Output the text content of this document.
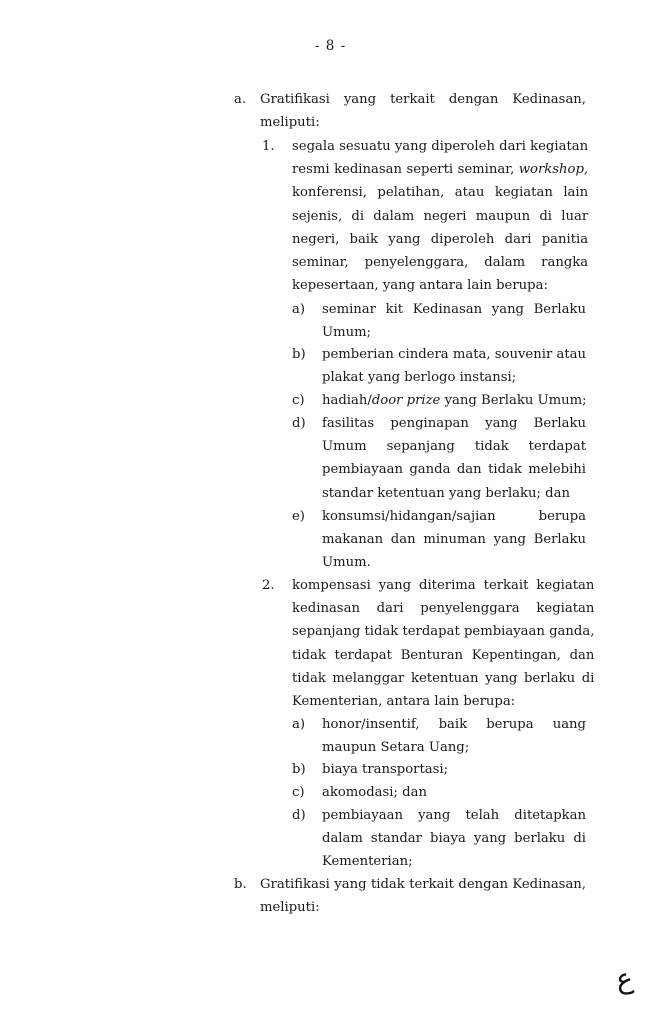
- 8 -
a.	Gratifikasi yang terkait dengan Kedinasan,
meliputi:
1.	segala sesuatu yang diperoleh dari kegiatan
resmi kedinasan seperti seminar, workshop,
konferensi, pelatihan, atau kegiatan lain
sejenis, di dalam negeri maupun di luar
negeri, baik yang diperoleh dari panitia
seminar, penyelenggara, dalam rangka
kepesertaan, yang antara lain berupa:
a)	seminar kit Kedinasan yang Berlaku
Umum;
b)	pemberian cindera mata, souvenir atau
plakat yang berlogo instansi;
c)	hadiah/door prize yang Berlaku Umum;
d)	fasilitas penginapan yang Berlaku
Umum sepanjang tidak terdapat
pembiayaan ganda dan tidak melebihi
standar ketentuan yang berlaku; dan
e)	konsumsi/hidangan/sajian berupa
makanan dan minuman yang Berlaku
Umum.
2.	kompensasi yang diterima terkait kegiatan
kedinasan dari penyelenggara kegiatan
sepanjang tidak terdapat pembiayaan ganda,
tidak terdapat Benturan Kepentingan, dan
tidak melanggar ketentuan yang berlaku di
Kementerian, antara lain berupa:
a)	honor/insentif, baik berupa uang
maupun Setara Uang;
b)	biaya transportasi;
c)	akomodasi; dan
d)	pembiayaan yang telah ditetapkan
dalam standar biaya yang berlaku di
Kementerian;
b.	Gratifikasi yang tidak terkait dengan Kedinasan,
meliputi:
ع
